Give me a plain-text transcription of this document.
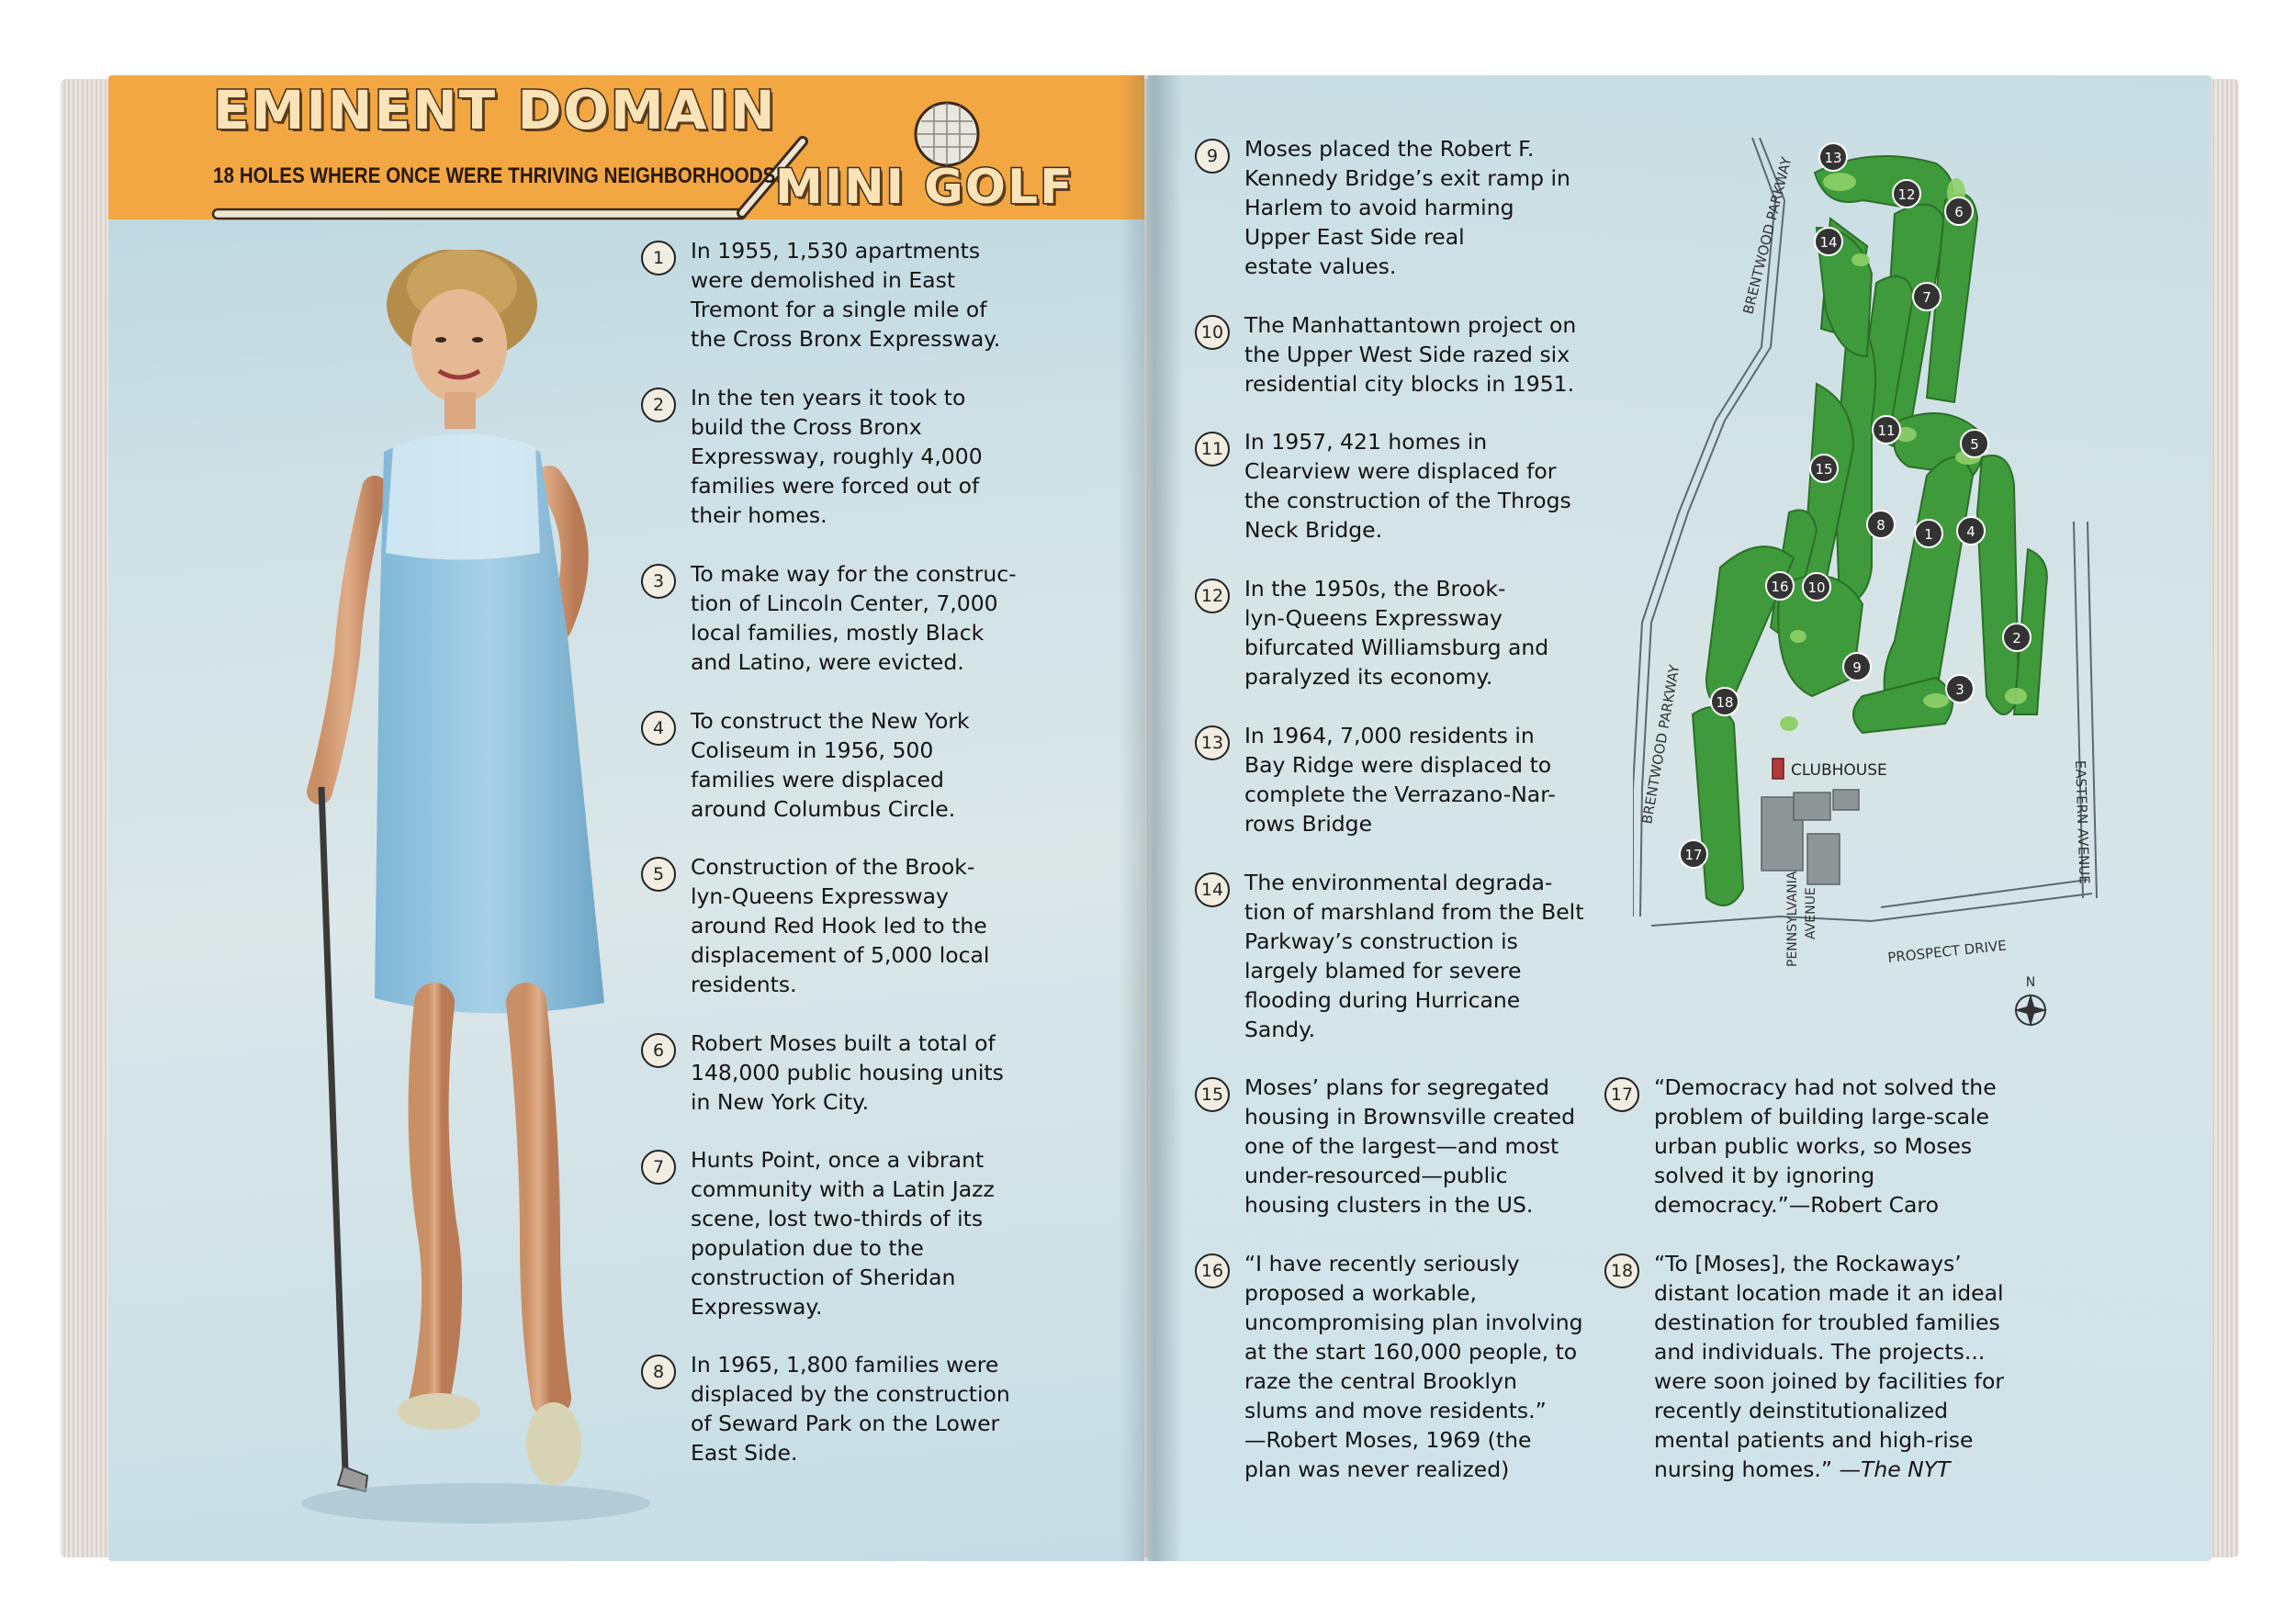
EMINENT DOMAIN
18 HOLES WHERE ONCE WERE THRIVING NEIGHBORHOODS!
MINI GOLF
1	In 1955, 1,530 apartments
were demolished in East
Tremont for a single mile of
the Cross Bronx Expressway.
2	In the ten years it took to
build the Cross Bronx
Expressway, roughly 4,000
families were forced out of
their homes.
3	To make way for the construc-
tion of Lincoln Center, 7,000
local families, mostly Black
and Latino, were evicted.
4	To construct the New York
Coliseum in 1956, 500
families were displaced
around Columbus Circle.
5	Construction of the Brook-
lyn-Queens Expressway
around Red Hook led to the
displacement of 5,000 local
residents.
6	Robert Moses built a total of
148,000 public housing units
in New York City.
7	Hunts Point, once a vibrant
community with a Latin Jazz
scene, lost two-thirds of its
population due to the
construction of Sheridan
Expressway.
8	In 1965, 1,800 families were
displaced by the construction
of Seward Park on the Lower
East Side.
9	Moses placed the Robert F.
Kennedy Bridge’s exit ramp in
Harlem to avoid harming
Upper East Side real
estate values.
10 The Manhattantown project on
the Upper West Side razed six
residential city blocks in 1951.
11 In 1957, 421 homes in
Clearview were displaced for
the construction of the Throgs
Neck Bridge.
12 In the 1950s, the Brook-
lyn-Queens Expressway
bifurcated Williamsburg and
paralyzed its economy.
13 In 1964, 7,000 residents in
Bay Ridge were displaced to
complete the Verrazano-Nar-
rows Bridge
14 The environmental degrada-
tion of marshland from the Belt
Parkway’s construction is
largely blamed for severe
flooding during Hurricane
Sandy.
15 Moses’ plans for segregated
housing in Brownsville created
one of the largest—and most
under-resourced—public
housing clusters in the US.
16 “I have recently seriously
proposed a workable,
uncompromising plan involving
at the start 160,000 people, to
raze the central Brooklyn
slums and move residents.”
—Robert Moses, 1969 (the
plan was never realized)
17 “Democracy had not solved the
problem of building large-scale
urban public works, so Moses
solved it by ignoring
democracy.”—Robert Caro
18 “To [Moses], the Rockaways’
distant location made it an ideal
destination for troubled families
and individuals. The projects...
were soon joined by facilities for
recently deinstitutionalized
mental patients and high-rise
nursing homes.” —The NYT
BRENTWOOD PARKWAY
BRENTWOOD PARKWAY	EASTERN AVENUE
PROSPECT DRIVE
PENNSYLVANIA AVENUE
CLUBHOUSE
13
12
6
14
7
11
5
15
8
1 4
16 10
2
9
3
18
17
N
